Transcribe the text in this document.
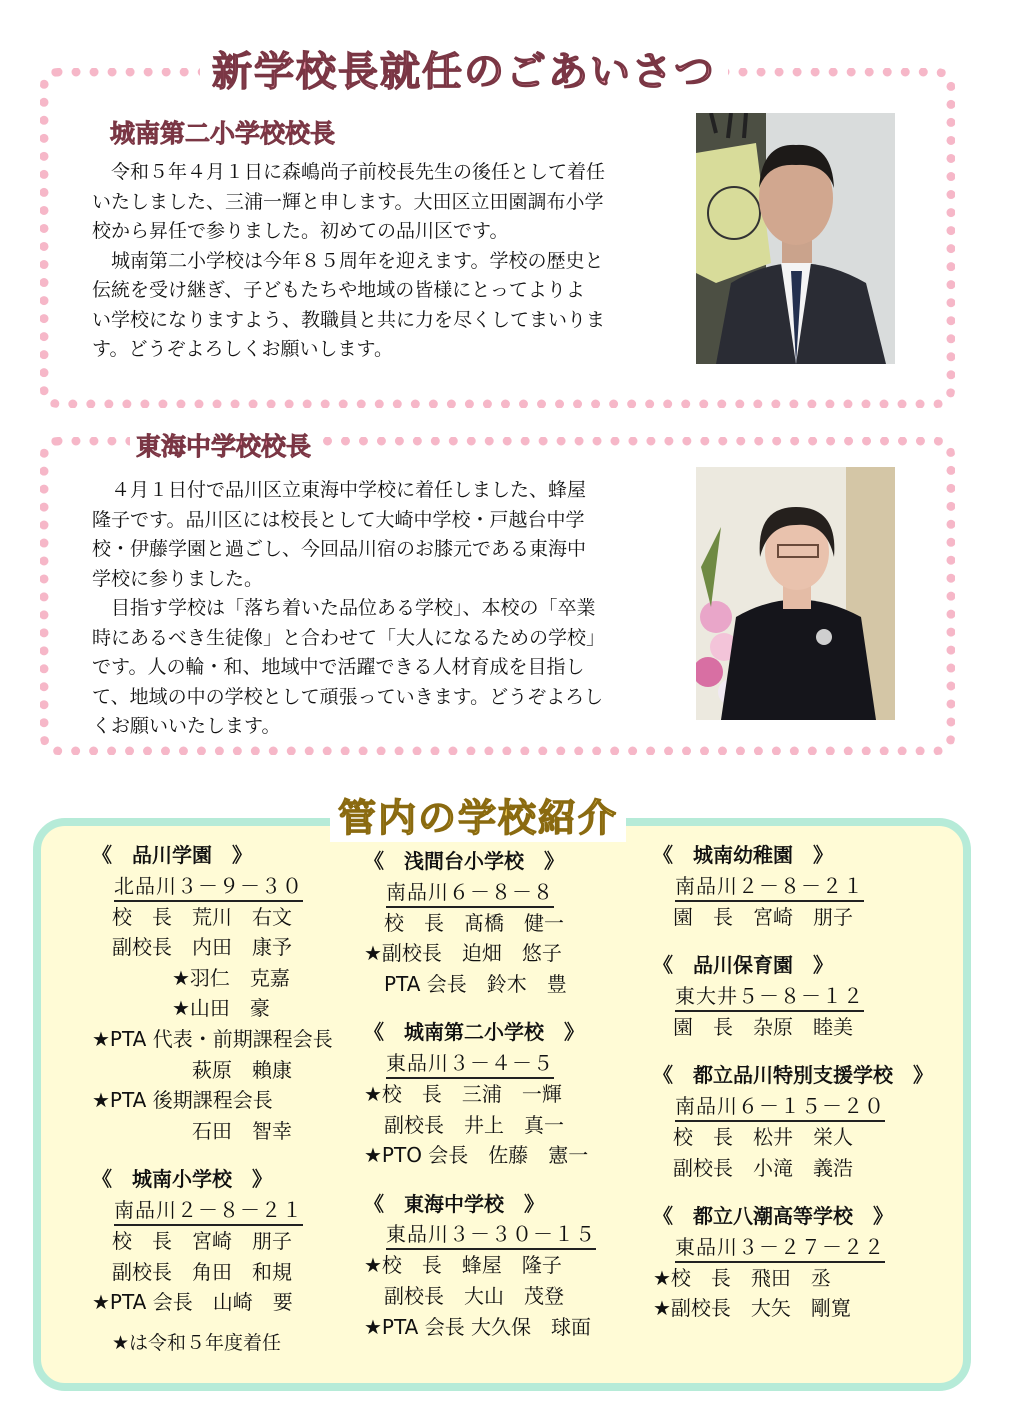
新学校長就任のごあいさつ
城南第二小学校校長

　令和５年４月１日に森嶋尚子前校長先生の後任として着任
いたしました、三浦一輝と申します。大田区立田園調布小学
校から昇任で参りました。初めての品川区です。

　城南第二小学校は今年８５周年を迎えます。学校の歴史と
伝統を受け継ぎ、子どもたちや地域の皆様にとってよりよ
い学校になりますよう、教職員と共に力を尽くしてまいりま
す。どうぞよろしくお願いします。

東海中学校校長

　４月１日付で品川区立東海中学校に着任しました、蜂屋
隆子です。品川区には校長として大崎中学校・戸越台中学
校・伊藤学園と過ごし、今回品川宿のお膝元である東海中
学校に参りました。

　目指す学校は「落ち着いた品位ある学校」、本校の「卒業
時にあるべき生徒像」と合わせて「大人になるための学校」
です。人の輪・和、地域中で活躍できる人材育成を目指し
て、地域の中の学校として頑張っていきます。どうぞよろし
くお願いいたします。

管内の学校紹介
《　品川学園　》
北品川３－９－３０
　校　長　荒川　右文
　副校長　内田　康予
　　　　★羽仁　克嘉
　　　　★山田　豪
★PTA 代表・前期課程会長
　　　　　萩原　賴康
★PTA 後期課程会長
　　　　　石田　智幸
《　城南小学校　》
南品川２－８－２１
　校　長　宮崎　朋子
　副校長　角田　和規
★PTA 会長　山崎　要
★は令和５年度着任
《　浅間台小学校　》
南品川６－８－８
　校　長　髙橋　健一
★副校長　迫畑　悠子
　PTA 会長　鈴木　豊
《　城南第二小学校　》
東品川３－４－５
★校　長　三浦　一輝
　副校長　井上　真一
★PTO 会長　佐藤　憲一
《　東海中学校　》
東品川３－３０－１５
★校　長　蜂屋　隆子
　副校長　大山　茂登
★PTA 会長 大久保　球面
《　城南幼稚園　》
南品川２－８－２１
　園　長　宮崎　朋子
《　品川保育園　》
東大井５－８－１２
　園　長　杂原　睦美
《　都立品川特別支援学校　》
南品川６－１５－２０
　校　長　松井　栄人
　副校長　小滝　義浩
《　都立八潮高等学校　》
東品川３－２７－２２
★校　長　飛田　丞
★副校長　大矢　剛寛
